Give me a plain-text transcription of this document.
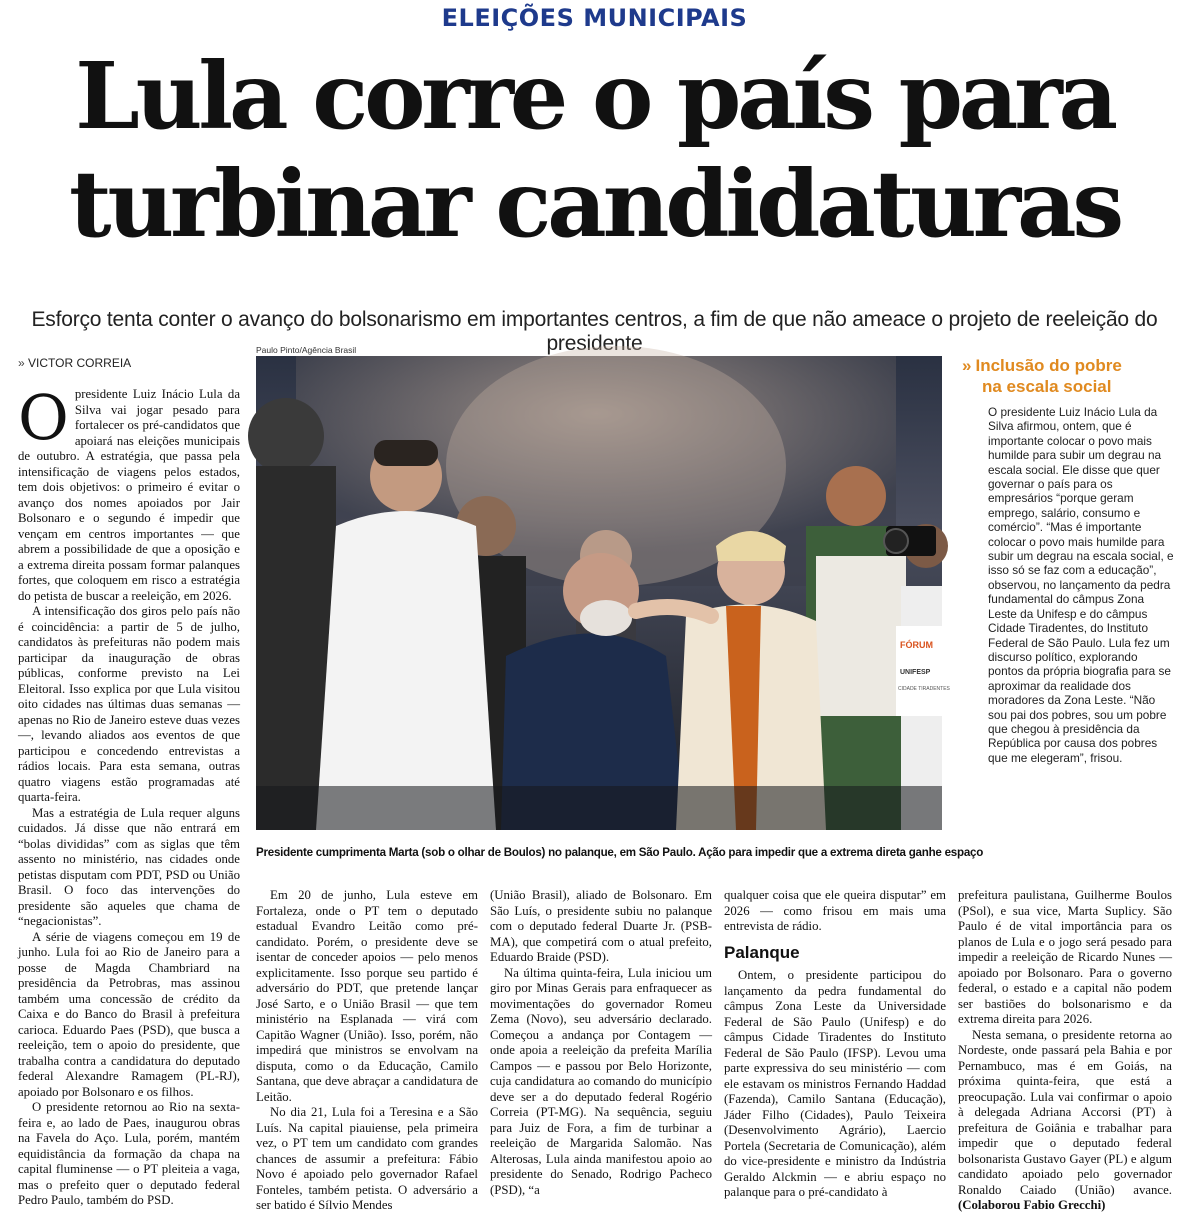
ELEIÇÕES MUNICIPAIS
Lula corre o país para turbinar candidaturas
Esforço tenta conter o avanço do bolsonarismo em importantes centros, a fim de que não ameace o projeto de reeleição do presidente
» VICTOR CORREIA

Opresidente Luiz Inácio Lula da Silva vai jogar pesado para fortalecer os pré-candidatos que apoiará nas eleições municipais de outubro. A estratégia, que passa pela intensificação de viagens pelos estados, tem dois objetivos: o primeiro é evitar o avanço dos nomes apoiados por Jair Bolsonaro e o segundo é impedir que vençam em centros importantes — que abrem a possibilidade de que a oposição e a extrema direita possam formar palanques fortes, que coloquem em risco a estratégia do petista de buscar a reeleição, em 2026.

A intensificação dos giros pelo país não é coincidência: a partir de 5 de julho, candidatos às prefeituras não podem mais participar da inauguração de obras públicas, conforme previsto na Lei Eleitoral. Isso explica por que Lula visitou oito cidades nas últimas duas semanas — apenas no Rio de Janeiro esteve duas vezes —, levando aliados aos eventos de que participou e concedendo entrevistas a rádios locais. Para esta semana, outras quatro viagens estão programadas até quarta-feira.

Mas a estratégia de Lula requer alguns cuidados. Já disse que não entrará em “bolas divididas” com as siglas que têm assento no ministério, nas cidades onde petistas disputam com PDT, PSD ou União Brasil. O foco das intervenções do presidente são aqueles que chama de “negacionistas”.

A série de viagens começou em 19 de junho. Lula foi ao Rio de Janeiro para a posse de Magda Chambriard na presidência da Petrobras, mas assinou também uma concessão de crédito da Caixa e do Banco do Brasil à prefeitura carioca. Eduardo Paes (PSD), que busca a reeleição, tem o apoio do presidente, que trabalha contra a candidatura do deputado federal Alexandre Ramagem (PL-RJ), apoiado por Bolsonaro e os filhos.

O presidente retornou ao Rio na sexta-feira e, ao lado de Paes, inaugurou obras na Favela do Aço. Lula, porém, mantém equidistância da formação da chapa na capital fluminense — o PT pleiteia a vaga, mas o prefeito quer o deputado federal Pedro Paulo, também do PSD.

Paulo Pinto/Agência Brasil
FÓRUM
UNIFESP
CIDADE TIRADENTES
Presidente cumprimenta Marta (sob o olhar de Boulos) no palanque, em São Paulo. Ação para impedir que a extrema direta ganhe espaço
» Inclusão do pobre
na escala social

O presidente Luiz Inácio Lula da Silva afirmou, ontem, que é importante colocar o povo mais humilde para subir um degrau na escala social. Ele disse que quer governar o país para os empresários “porque geram emprego, salário, consumo e comércio”. “Mas é importante colocar o povo mais humilde para subir um degrau na escala social, e isso só se faz com a educação”, observou, no lançamento da pedra fundamental do câmpus Zona Leste da Unifesp e do câmpus Cidade Tiradentes, do Instituto Federal de São Paulo. Lula fez um discurso político, explorando pontos da própria biografia para se aproximar da realidade dos moradores da Zona Leste. “Não sou pai dos pobres, sou um pobre que chegou à presidência da República por causa dos pobres que me elegeram”, frisou.

Em 20 de junho, Lula esteve em Fortaleza, onde o PT tem o deputado estadual Evandro Leitão como pré-candidato. Porém, o presidente deve se isentar de conceder apoios — pelo menos explicitamente. Isso porque seu partido é adversário do PDT, que pretende lançar José Sarto, e o União Brasil — que tem ministério na Esplanada — virá com Capitão Wagner (União). Isso, porém, não impedirá que ministros se envolvam na disputa, como o da Educação, Camilo Santana, que deve abraçar a candidatura de Leitão.

No dia 21, Lula foi a Teresina e a São Luís. Na capital piauiense, pela primeira vez, o PT tem um candidato com grandes chances de assumir a prefeitura: Fábio Novo é apoiado pelo governador Rafael Fonteles, também petista. O adversário a ser batido é Sílvio Mendes

(União Brasil), aliado de Bolsonaro. Em São Luís, o presidente subiu no palanque com o deputado federal Duarte Jr. (PSB-MA), que competirá com o atual prefeito, Eduardo Braide (PSD).

Na última quinta-feira, Lula iniciou um giro por Minas Gerais para enfraquecer as movimentações do governador Romeu Zema (Novo), seu adversário declarado. Começou a andança por Contagem — onde apoia a reeleição da prefeita Marília Campos — e passou por Belo Horizonte, cuja candidatura ao comando do município deve ser a do deputado federal Rogério Correia (PT-MG). Na sequência, seguiu para Juiz de Fora, a fim de turbinar a reeleição de Margarida Salomão. Nas Alterosas, Lula ainda manifestou apoio ao presidente do Senado, Rodrigo Pacheco (PSD), “a

qualquer coisa que ele queira disputar” em 2026 — como frisou em mais uma entrevista de rádio.

Palanque

Ontem, o presidente participou do lançamento da pedra fundamental do câmpus Zona Leste da Universidade Federal de São Paulo (Unifesp) e do câmpus Cidade Tiradentes do Instituto Federal de São Paulo (IFSP). Levou uma parte expressiva do seu ministério — com ele estavam os ministros Fernando Haddad (Fazenda), Camilo Santana (Educação), Jáder Filho (Cidades), Paulo Teixeira (Desenvolvimento Agrário), Laercio Portela (Secretaria de Comunicação), além do vice-presidente e ministro da Indústria Geraldo Alckmin — e abriu espaço no palanque para o pré-candidato à

prefeitura paulistana, Guilherme Boulos (PSol), e sua vice, Marta Suplicy. São Paulo é de vital importância para os planos de Lula e o jogo será pesado para impedir a reeleição de Ricardo Nunes — apoiado por Bolsonaro. Para o governo federal, o estado e a capital não podem ser bastiões do bolsonarismo e da extrema direita para 2026.

Nesta semana, o presidente retorna ao Nordeste, onde passará pela Bahia e por Pernambuco, mas é em Goiás, na próxima quinta-feira, que está a preocupação. Lula vai confirmar o apoio à delegada Adriana Accorsi (PT) à prefeitura de Goiânia e trabalhar para impedir que o deputado federal bolsonarista Gustavo Gayer (PL) e algum candidato apoiado pelo governador Ronaldo Caiado (União) avance. (Colaborou Fabio Grecchi)
